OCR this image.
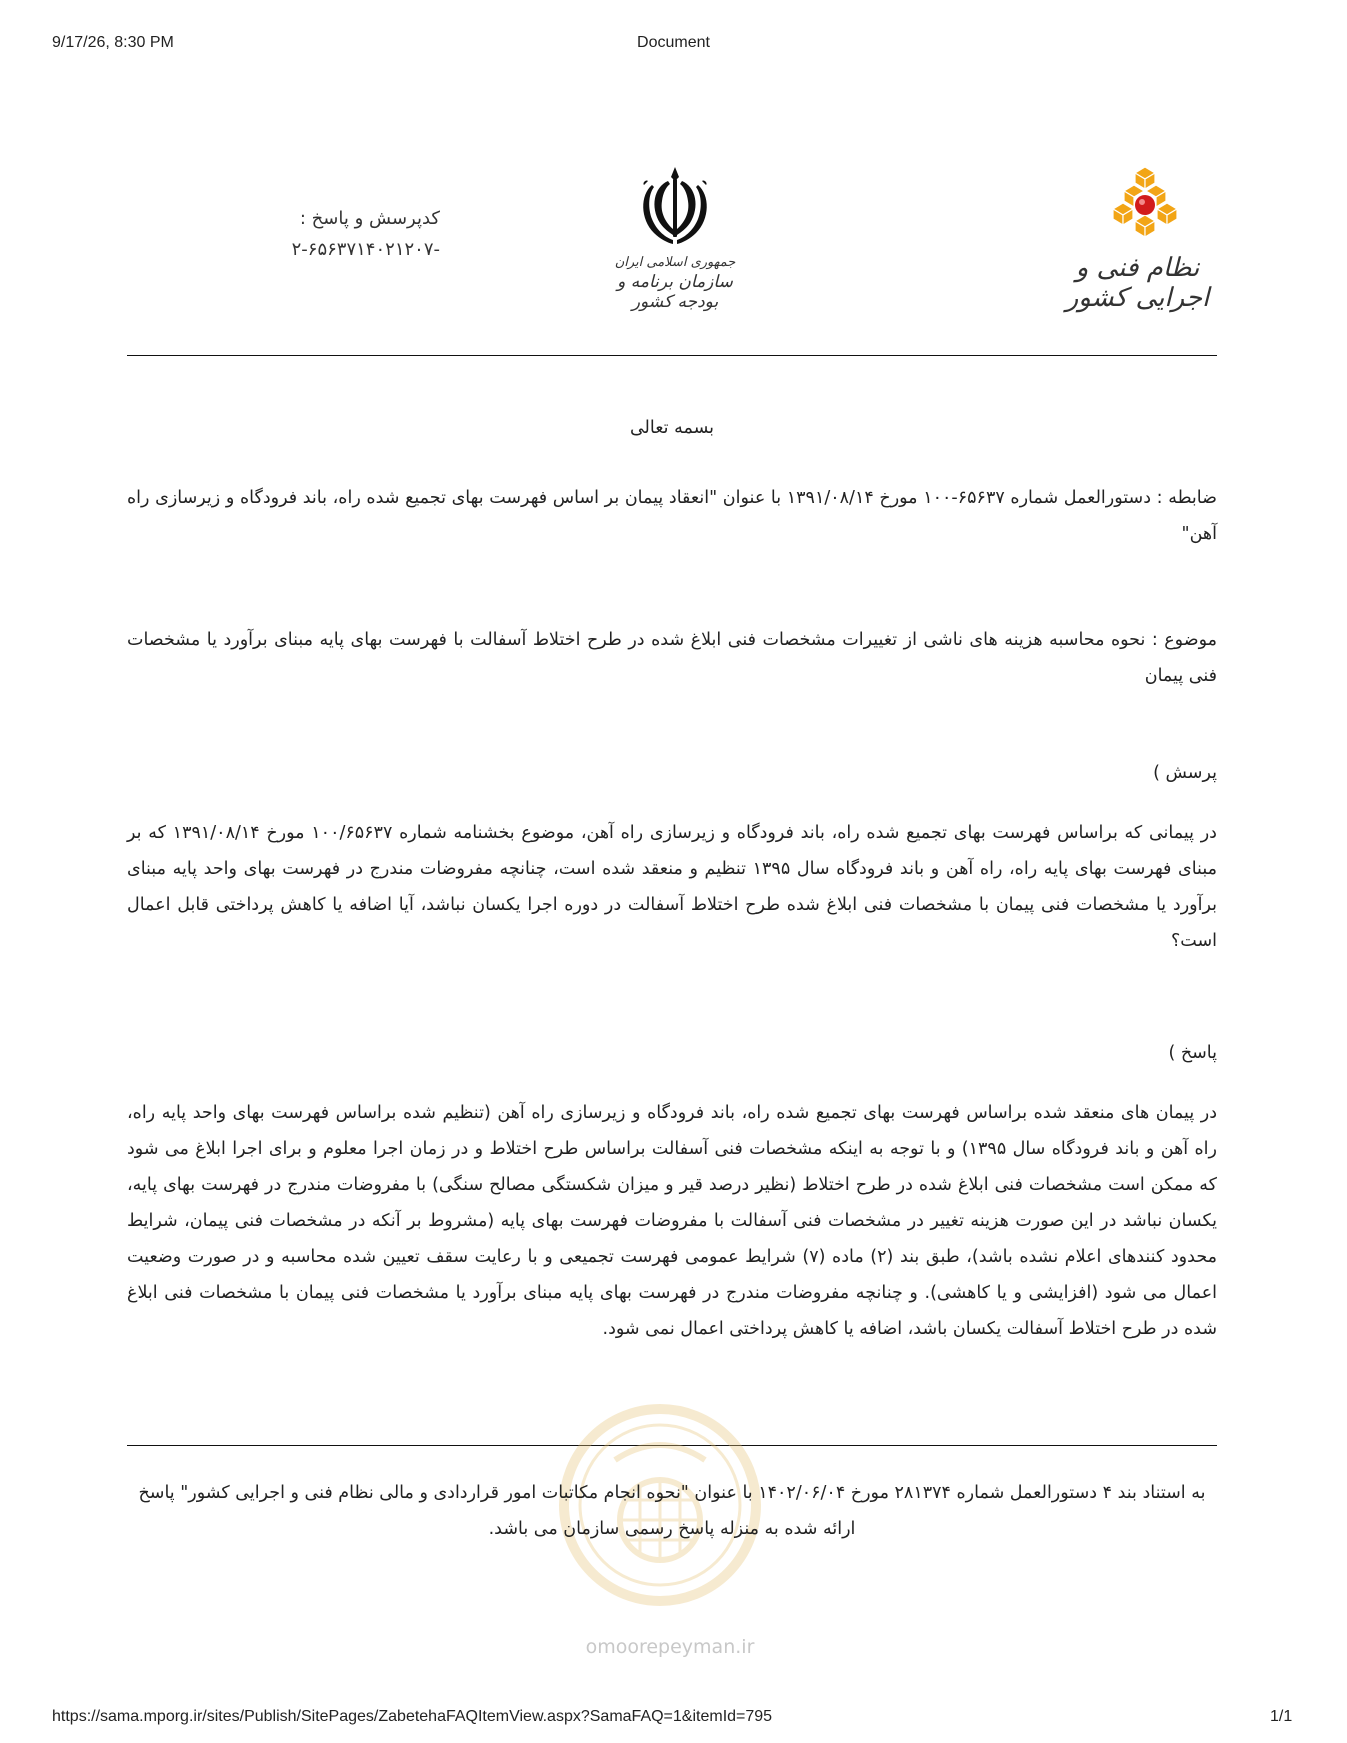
9/17/26, 8:30 PM	Document
نظام فنی و اجرایی کشور
جمهوری اسلامی ایران
سازمان برنامه و بودجه کشور
کدپرسش و پاسخ :
-۲-۶۵۶۳۷۱۴۰۲۱۲۰۷
بسمه تعالی
ضابطه : دستورالعمل شماره ۶۵۶۳۷-۱۰۰ مورخ ۱۳۹۱/۰۸/۱۴ با عنوان "انعقاد پیمان بر اساس فهرست بهای تجمیع شده راه، باند فرودگاه و زیرسازی راه آهن"
موضوع : نحوه محاسبه هزینه های ناشی از تغییرات مشخصات فنی ابلاغ شده در طرح اختلاط آسفالت با فهرست بهای پایه مبنای برآورد یا مشخصات فنی پیمان
پرسش )
در پیمانی که براساس فهرست بهای تجمیع شده راه، باند فرودگاه و زیرسازی راه آهن، موضوع بخشنامه شماره ۱۰۰/۶۵۶۳۷ مورخ ۱۳۹۱/۰۸/۱۴ که بر مبنای فهرست بهای پایه راه، راه آهن و باند فرودگاه سال ۱۳۹۵ تنظیم و منعقد شده است، چنانچه مفروضات مندرج در فهرست بهای واحد پایه مبنای برآورد یا مشخصات فنی پیمان با مشخصات فنی ابلاغ شده طرح اختلاط آسفالت در دوره اجرا یکسان نباشد، آیا اضافه یا کاهش پرداختی قابل اعمال است؟
پاسخ )
در پیمان های منعقد شده براساس فهرست بهای تجمیع شده راه، باند فرودگاه و زیرسازی راه آهن (تنظیم شده براساس فهرست بهای واحد پایه راه، راه آهن و باند فرودگاه سال ۱۳۹۵) و با توجه به اینکه مشخصات فنی آسفالت براساس طرح اختلاط و در زمان اجرا معلوم و برای اجرا ابلاغ می شود که ممکن است مشخصات فنی ابلاغ شده در طرح اختلاط (نظیر درصد قیر و میزان شکستگی مصالح سنگی) با مفروضات مندرج در فهرست بهای پایه، یکسان نباشد در این صورت هزینه تغییر در مشخصات فنی آسفالت با مفروضات فهرست بهای پایه (مشروط بر آنکه در مشخصات فنی پیمان، شرایط محدود کنندهای اعلام نشده باشد)، طبق بند (۲) ماده (۷) شرایط عمومی فهرست تجمیعی و با رعایت سقف تعیین شده محاسبه و در صورت وضعیت اعمال می شود (افزایشی و یا کاهشی). و چنانچه مفروضات مندرج در فهرست بهای پایه مبنای برآورد یا مشخصات فنی پیمان با مشخصات فنی ابلاغ شده در طرح اختلاط آسفالت یکسان باشد، اضافه یا کاهش پرداختی اعمال نمی شود.
به استناد بند ۴ دستورالعمل شماره ۲۸۱۳۷۴ مورخ ۱۴۰۲/۰۶/۰۴ با عنوان "نحوه انجام مکاتبات امور قراردادی و مالی نظام فنی و اجرایی کشور" پاسخ ارائه شده به منزله پاسخ رسمی سازمان می باشد.
omoorepeyman.ir
https://sama.mporg.ir/sites/Publish/SitePages/ZabetehaFAQItemView.aspx?SamaFAQ=1&itemId=795	1/1
